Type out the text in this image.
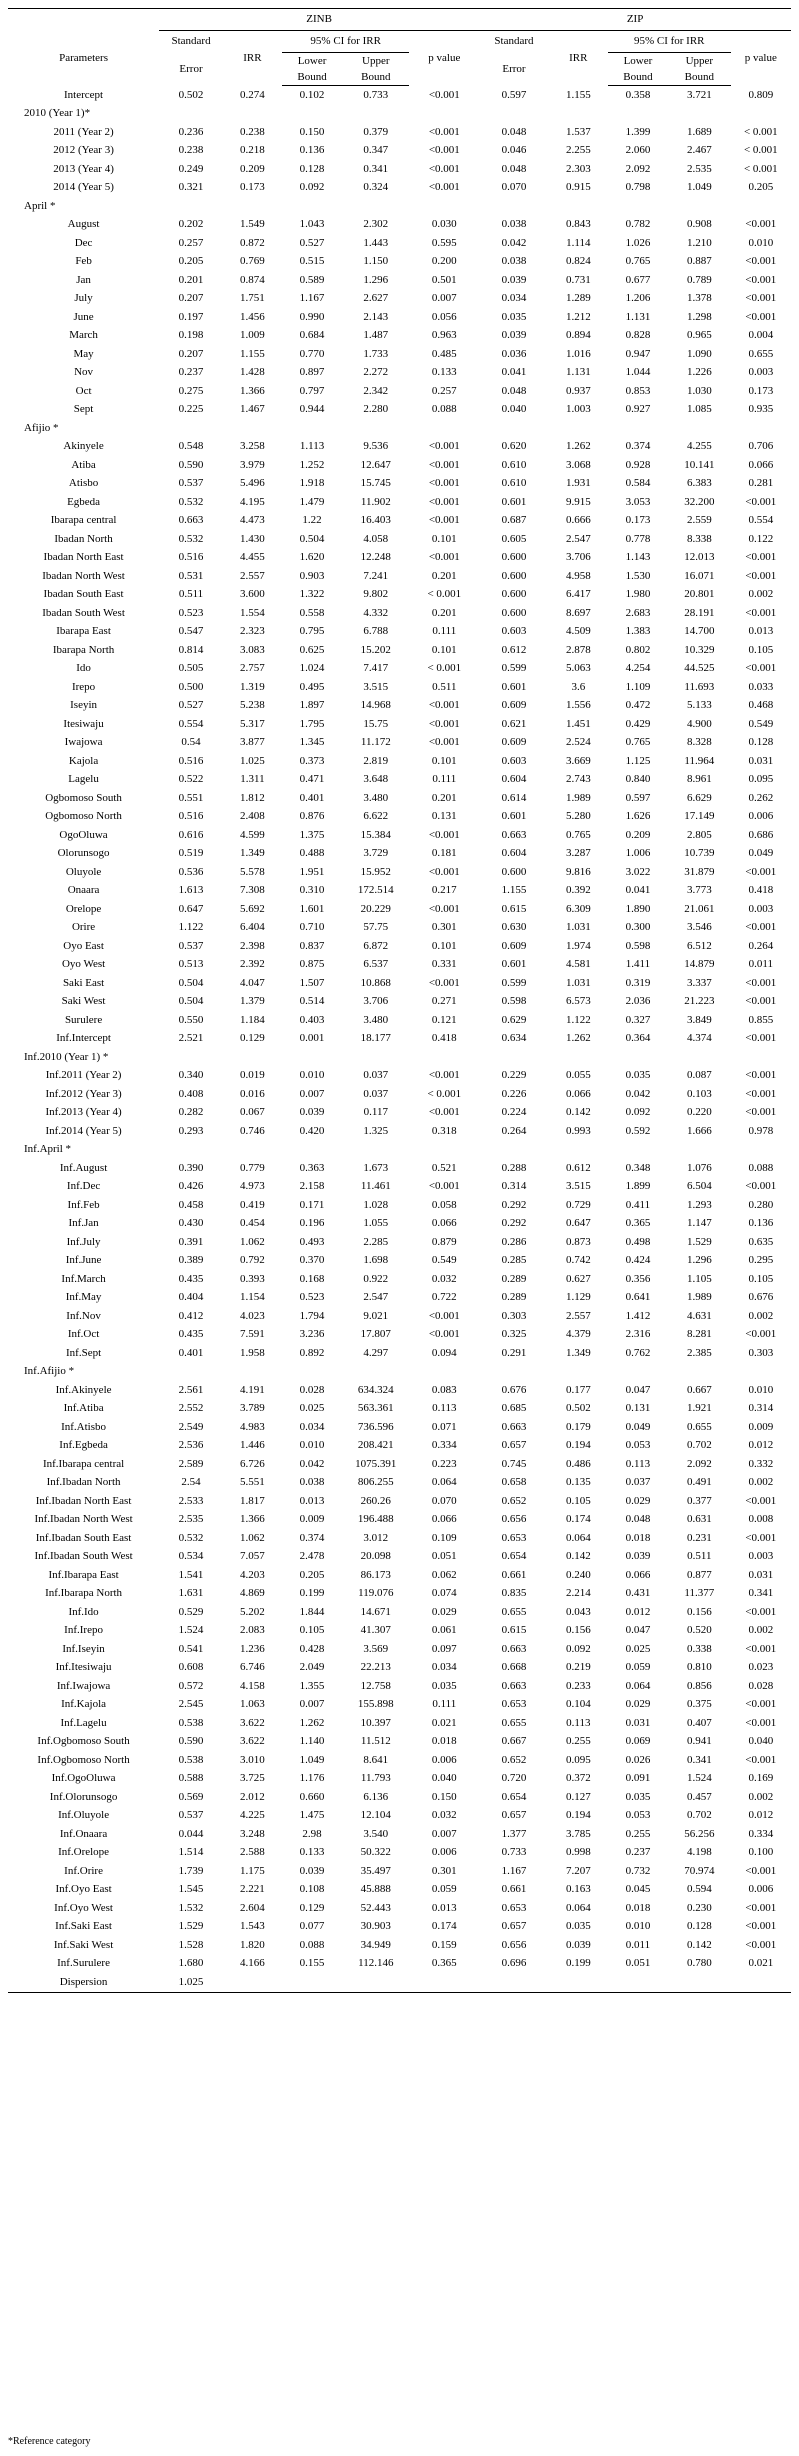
	ZINB					ZIP				
Parameters	Standard	IRR	95% CI for IRR		p value	Standard	IRR	95% CI for IRR		p value
	Error		Lower	Upper		Error		Lower	Upper	
			Bound	Bound				Bound	Bound	
Intercept	0.502	0.274	0.102	0.733	<0.001	0.597	1.155	0.358	3.721	0.809
2010 (Year 1)*										
2011 (Year 2)	0.236	0.238	0.150	0.379	<0.001	0.048	1.537	1.399	1.689	< 0.001
2012 (Year 3)	0.238	0.218	0.136	0.347	<0.001	0.046	2.255	2.060	2.467	< 0.001
2013 (Year 4)	0.249	0.209	0.128	0.341	<0.001	0.048	2.303	2.092	2.535	< 0.001
2014 (Year 5)	0.321	0.173	0.092	0.324	<0.001	0.070	0.915	0.798	1.049	0.205
April *										
August	0.202	1.549	1.043	2.302	0.030	0.038	0.843	0.782	0.908	<0.001
Dec	0.257	0.872	0.527	1.443	0.595	0.042	1.114	1.026	1.210	0.010
Feb	0.205	0.769	0.515	1.150	0.200	0.038	0.824	0.765	0.887	<0.001
Jan	0.201	0.874	0.589	1.296	0.501	0.039	0.731	0.677	0.789	<0.001
July	0.207	1.751	1.167	2.627	0.007	0.034	1.289	1.206	1.378	<0.001
June	0.197	1.456	0.990	2.143	0.056	0.035	1.212	1.131	1.298	<0.001
March	0.198	1.009	0.684	1.487	0.963	0.039	0.894	0.828	0.965	0.004
May	0.207	1.155	0.770	1.733	0.485	0.036	1.016	0.947	1.090	0.655
Nov	0.237	1.428	0.897	2.272	0.133	0.041	1.131	1.044	1.226	0.003
Oct	0.275	1.366	0.797	2.342	0.257	0.048	0.937	0.853	1.030	0.173
Sept	0.225	1.467	0.944	2.280	0.088	0.040	1.003	0.927	1.085	0.935
Afijio *										
Akinyele	0.548	3.258	1.113	9.536	<0.001	0.620	1.262	0.374	4.255	0.706
Atiba	0.590	3.979	1.252	12.647	<0.001	0.610	3.068	0.928	10.141	0.066
Atisbo	0.537	5.496	1.918	15.745	<0.001	0.610	1.931	0.584	6.383	0.281
Egbeda	0.532	4.195	1.479	11.902	<0.001	0.601	9.915	3.053	32.200	<0.001
Ibarapa central	0.663	4.473	1.22	16.403	<0.001	0.687	0.666	0.173	2.559	0.554
Ibadan North	0.532	1.430	0.504	4.058	0.101	0.605	2.547	0.778	8.338	0.122
Ibadan North East	0.516	4.455	1.620	12.248	<0.001	0.600	3.706	1.143	12.013	<0.001
Ibadan North West	0.531	2.557	0.903	7.241	0.201	0.600	4.958	1.530	16.071	<0.001
Ibadan South East	0.511	3.600	1.322	9.802	< 0.001	0.600	6.417	1.980	20.801	0.002
Ibadan South West	0.523	1.554	0.558	4.332	0.201	0.600	8.697	2.683	28.191	<0.001
Ibarapa East	0.547	2.323	0.795	6.788	0.111	0.603	4.509	1.383	14.700	0.013
Ibarapa North	0.814	3.083	0.625	15.202	0.101	0.612	2.878	0.802	10.329	0.105
Ido	0.505	2.757	1.024	7.417	< 0.001	0.599	5.063	4.254	44.525	<0.001
Irepo	0.500	1.319	0.495	3.515	0.511	0.601	3.6	1.109	11.693	0.033
Iseyin	0.527	5.238	1.897	14.968	<0.001	0.609	1.556	0.472	5.133	0.468
Itesiwaju	0.554	5.317	1.795	15.75	<0.001	0.621	1.451	0.429	4.900	0.549
Iwajowa	0.54	3.877	1.345	11.172	<0.001	0.609	2.524	0.765	8.328	0.128
Kajola	0.516	1.025	0.373	2.819	0.101	0.603	3.669	1.125	11.964	0.031
Lagelu	0.522	1.311	0.471	3.648	0.111	0.604	2.743	0.840	8.961	0.095
Ogbomoso South	0.551	1.812	0.401	3.480	0.201	0.614	1.989	0.597	6.629	0.262
Ogbomoso North	0.516	2.408	0.876	6.622	0.131	0.601	5.280	1.626	17.149	0.006
OgoOluwa	0.616	4.599	1.375	15.384	<0.001	0.663	0.765	0.209	2.805	0.686
Olorunsogo	0.519	1.349	0.488	3.729	0.181	0.604	3.287	1.006	10.739	0.049
Oluyole	0.536	5.578	1.951	15.952	<0.001	0.600	9.816	3.022	31.879	<0.001
Onaara	1.613	7.308	0.310	172.514	0.217	1.155	0.392	0.041	3.773	0.418
Orelope	0.647	5.692	1.601	20.229	<0.001	0.615	6.309	1.890	21.061	0.003
Orire	1.122	6.404	0.710	57.75	0.301	0.630	1.031	0.300	3.546	<0.001
Oyo East	0.537	2.398	0.837	6.872	0.101	0.609	1.974	0.598	6.512	0.264
Oyo West	0.513	2.392	0.875	6.537	0.331	0.601	4.581	1.411	14.879	0.011
Saki East	0.504	4.047	1.507	10.868	<0.001	0.599	1.031	0.319	3.337	<0.001
Saki West	0.504	1.379	0.514	3.706	0.271	0.598	6.573	2.036	21.223	<0.001
Surulere	0.550	1.184	0.403	3.480	0.121	0.629	1.122	0.327	3.849	0.855
Inf.Intercept	2.521	0.129	0.001	18.177	0.418	0.634	1.262	0.364	4.374	<0.001
Inf.2010 (Year 1) *										
Inf.2011 (Year 2)	0.340	0.019	0.010	0.037	<0.001	0.229	0.055	0.035	0.087	<0.001
Inf.2012 (Year 3)	0.408	0.016	0.007	0.037	< 0.001	0.226	0.066	0.042	0.103	<0.001
Inf.2013 (Year 4)	0.282	0.067	0.039	0.117	<0.001	0.224	0.142	0.092	0.220	<0.001
Inf.2014 (Year 5)	0.293	0.746	0.420	1.325	0.318	0.264	0.993	0.592	1.666	0.978
Inf.April *										
Inf.August	0.390	0.779	0.363	1.673	0.521	0.288	0.612	0.348	1.076	0.088
Inf.Dec	0.426	4.973	2.158	11.461	<0.001	0.314	3.515	1.899	6.504	<0.001
Inf.Feb	0.458	0.419	0.171	1.028	0.058	0.292	0.729	0.411	1.293	0.280
Inf.Jan	0.430	0.454	0.196	1.055	0.066	0.292	0.647	0.365	1.147	0.136
Inf.July	0.391	1.062	0.493	2.285	0.879	0.286	0.873	0.498	1.529	0.635
Inf.June	0.389	0.792	0.370	1.698	0.549	0.285	0.742	0.424	1.296	0.295
Inf.March	0.435	0.393	0.168	0.922	0.032	0.289	0.627	0.356	1.105	0.105
Inf.May	0.404	1.154	0.523	2.547	0.722	0.289	1.129	0.641	1.989	0.676
Inf.Nov	0.412	4.023	1.794	9.021	<0.001	0.303	2.557	1.412	4.631	0.002
Inf.Oct	0.435	7.591	3.236	17.807	<0.001	0.325	4.379	2.316	8.281	<0.001
Inf.Sept	0.401	1.958	0.892	4.297	0.094	0.291	1.349	0.762	2.385	0.303
Inf.Afijio *										
Inf.Akinyele	2.561	4.191	0.028	634.324	0.083	0.676	0.177	0.047	0.667	0.010
Inf.Atiba	2.552	3.789	0.025	563.361	0.113	0.685	0.502	0.131	1.921	0.314
Inf.Atisbo	2.549	4.983	0.034	736.596	0.071	0.663	0.179	0.049	0.655	0.009
Inf.Egbeda	2.536	1.446	0.010	208.421	0.334	0.657	0.194	0.053	0.702	0.012
Inf.Ibarapa central	2.589	6.726	0.042	1075.391	0.223	0.745	0.486	0.113	2.092	0.332
Inf.Ibadan North	2.54	5.551	0.038	806.255	0.064	0.658	0.135	0.037	0.491	0.002
Inf.Ibadan North East	2.533	1.817	0.013	260.26	0.070	0.652	0.105	0.029	0.377	<0.001
Inf.Ibadan North West	2.535	1.366	0.009	196.488	0.066	0.656	0.174	0.048	0.631	0.008
Inf.Ibadan South East	0.532	1.062	0.374	3.012	0.109	0.653	0.064	0.018	0.231	<0.001
Inf.Ibadan South West	0.534	7.057	2.478	20.098	0.051	0.654	0.142	0.039	0.511	0.003
Inf.Ibarapa East	1.541	4.203	0.205	86.173	0.062	0.661	0.240	0.066	0.877	0.031
Inf.Ibarapa North	1.631	4.869	0.199	119.076	0.074	0.835	2.214	0.431	11.377	0.341
Inf.Ido	0.529	5.202	1.844	14.671	0.029	0.655	0.043	0.012	0.156	<0.001
Inf.Irepo	1.524	2.083	0.105	41.307	0.061	0.615	0.156	0.047	0.520	0.002
Inf.Iseyin	0.541	1.236	0.428	3.569	0.097	0.663	0.092	0.025	0.338	<0.001
Inf.Itesiwaju	0.608	6.746	2.049	22.213	0.034	0.668	0.219	0.059	0.810	0.023
Inf.Iwajowa	0.572	4.158	1.355	12.758	0.035	0.663	0.233	0.064	0.856	0.028
Inf.Kajola	2.545	1.063	0.007	155.898	0.111	0.653	0.104	0.029	0.375	<0.001
Inf.Lagelu	0.538	3.622	1.262	10.397	0.021	0.655	0.113	0.031	0.407	<0.001
Inf.Ogbomoso South	0.590	3.622	1.140	11.512	0.018	0.667	0.255	0.069	0.941	0.040
Inf.Ogbomoso North	0.538	3.010	1.049	8.641	0.006	0.652	0.095	0.026	0.341	<0.001
Inf.OgoOluwa	0.588	3.725	1.176	11.793	0.040	0.720	0.372	0.091	1.524	0.169
Inf.Olorunsogo	0.569	2.012	0.660	6.136	0.150	0.654	0.127	0.035	0.457	0.002
Inf.Oluyole	0.537	4.225	1.475	12.104	0.032	0.657	0.194	0.053	0.702	0.012
Inf.Onaara	0.044	3.248	2.98	3.540	0.007	1.377	3.785	0.255	56.256	0.334
Inf.Orelope	1.514	2.588	0.133	50.322	0.006	0.733	0.998	0.237	4.198	0.100
Inf.Orire	1.739	1.175	0.039	35.497	0.301	1.167	7.207	0.732	70.974	<0.001
Inf.Oyo East	1.545	2.221	0.108	45.888	0.059	0.661	0.163	0.045	0.594	0.006
Inf.Oyo West	1.532	2.604	0.129	52.443	0.013	0.653	0.064	0.018	0.230	<0.001
Inf.Saki East	1.529	1.543	0.077	30.903	0.174	0.657	0.035	0.010	0.128	<0.001
Inf.Saki West	1.528	1.820	0.088	34.949	0.159	0.656	0.039	0.011	0.142	<0.001
Inf.Surulere	1.680	4.166	0.155	112.146	0.365	0.696	0.199	0.051	0.780	0.021
Dispersion	1.025									
*Reference category
